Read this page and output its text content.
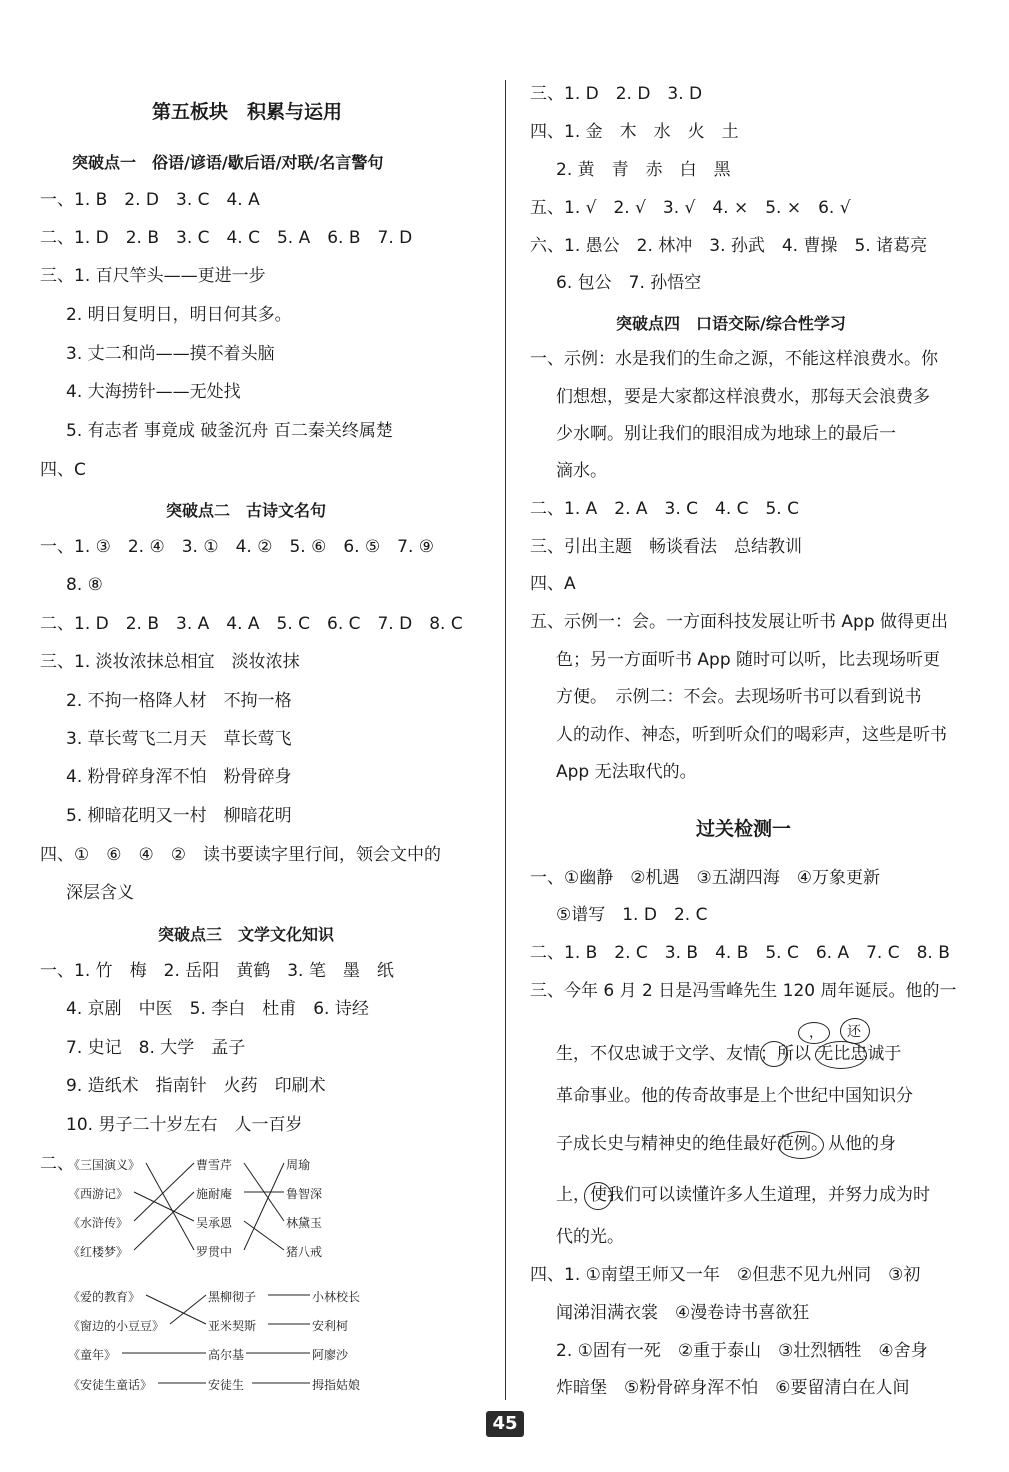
第五板块　积累与运用
突破点一　俗语/谚语/歇后语/对联/名言警句
一、1. B　2. D　3. C　4. A
二、1. D　2. B　3. C　4. C　5. A　6. B　7. D
三、1. 百尺竿头——更进一步
2. 明日复明日，明日何其多。
3. 丈二和尚——摸不着头脑
4. 大海捞针——无处找
5. 有志者 事竟成 破釜沉舟 百二秦关终属楚
四、C
突破点二　古诗文名句
一、1. ③　2. ④　3. ①　4. ②　5. ⑥　6. ⑤　7. ⑨
8. ⑧
二、1. D　2. B　3. A　4. A　5. C　6. C　7. D　8. C
三、1. 淡妆浓抹总相宜　淡妆浓抹
2. 不拘一格降人材　不拘一格
3. 草长莺飞二月天　草长莺飞
4. 粉骨碎身浑不怕　粉骨碎身
5. 柳暗花明又一村　柳暗花明
四、①　⑥　④　②　读书要读字里行间，领会文中的
深层含义
突破点三　文学文化知识
一、1. 竹　梅　2. 岳阳　黄鹤　3. 笔　墨　纸
4. 京剧　中医　5. 李白　杜甫　6. 诗经
7. 史记　8. 大学　孟子
9. 造纸术　指南针　火药　印刷术
10. 男子二十岁左右　人一百岁
二、
《三国演义》
《西游记》
《水浒传》
《红楼梦》
曹雪芹
施耐庵
吴承恩
罗贯中
周瑜
鲁智深
林黛玉
猪八戒
《爱的教育》
《窗边的小豆豆》
《童年》
《安徒生童话》
黑柳彻子
亚米契斯
高尔基
安徒生
小林校长
安利柯
阿廖沙
拇指姑娘
三、1. D　2. D　3. D
四、1. 金　木　水　火　土
2. 黄　青　赤　白　黑
五、1. √　2. √　3. √　4. ×　5. ×　6. √
六、1. 愚公　2. 林冲　3. 孙武　4. 曹操　5. 诸葛亮
6. 包公　7. 孙悟空
突破点四　口语交际/综合性学习
一、示例：水是我们的生命之源，不能这样浪费水。你
们想想，要是大家都这样浪费水，那每天会浪费多
少水啊。别让我们的眼泪成为地球上的最后一
滴水。
二、1. A　2. A　3. C　4. C　5. C
三、引出主题　畅谈看法　总结教训
四、A
五、示例一：会。一方面科技发展让听书 App 做得更出
色；另一方面听书 App 随时可以听，比去现场听更
方便。　示例二：不会。去现场听书可以看到说书
人的动作、神态，听到听众们的喝彩声，这些是听书
App 无法取代的。
过关检测一
一、①幽静　②机遇　③五湖四海　④万象更新
⑤谱写　1. D　2. C
二、1. B　2. C　3. B　4. B　5. C　6. A　7. C　8. B
三、今年 6 月 2 日是冯雪峰先生 120 周年诞辰。他的一
， 还
生，不仅忠诚于文学、友情；所以 无比忠诚于
革命事业。他的传奇故事是上个世纪中国知识分
子成长史与精神史的绝佳最好范例。从他的身
上，使我们可以读懂许多人生道理，并努力成为时
代的光。
四、1. ①南望王师又一年　②但悲不见九州同　③初
闻涕泪满衣裳　④漫卷诗书喜欲狂
2. ①固有一死　②重于泰山　③壮烈牺牲　④舍身
炸暗堡　⑤粉骨碎身浑不怕　⑥要留清白在人间
45
